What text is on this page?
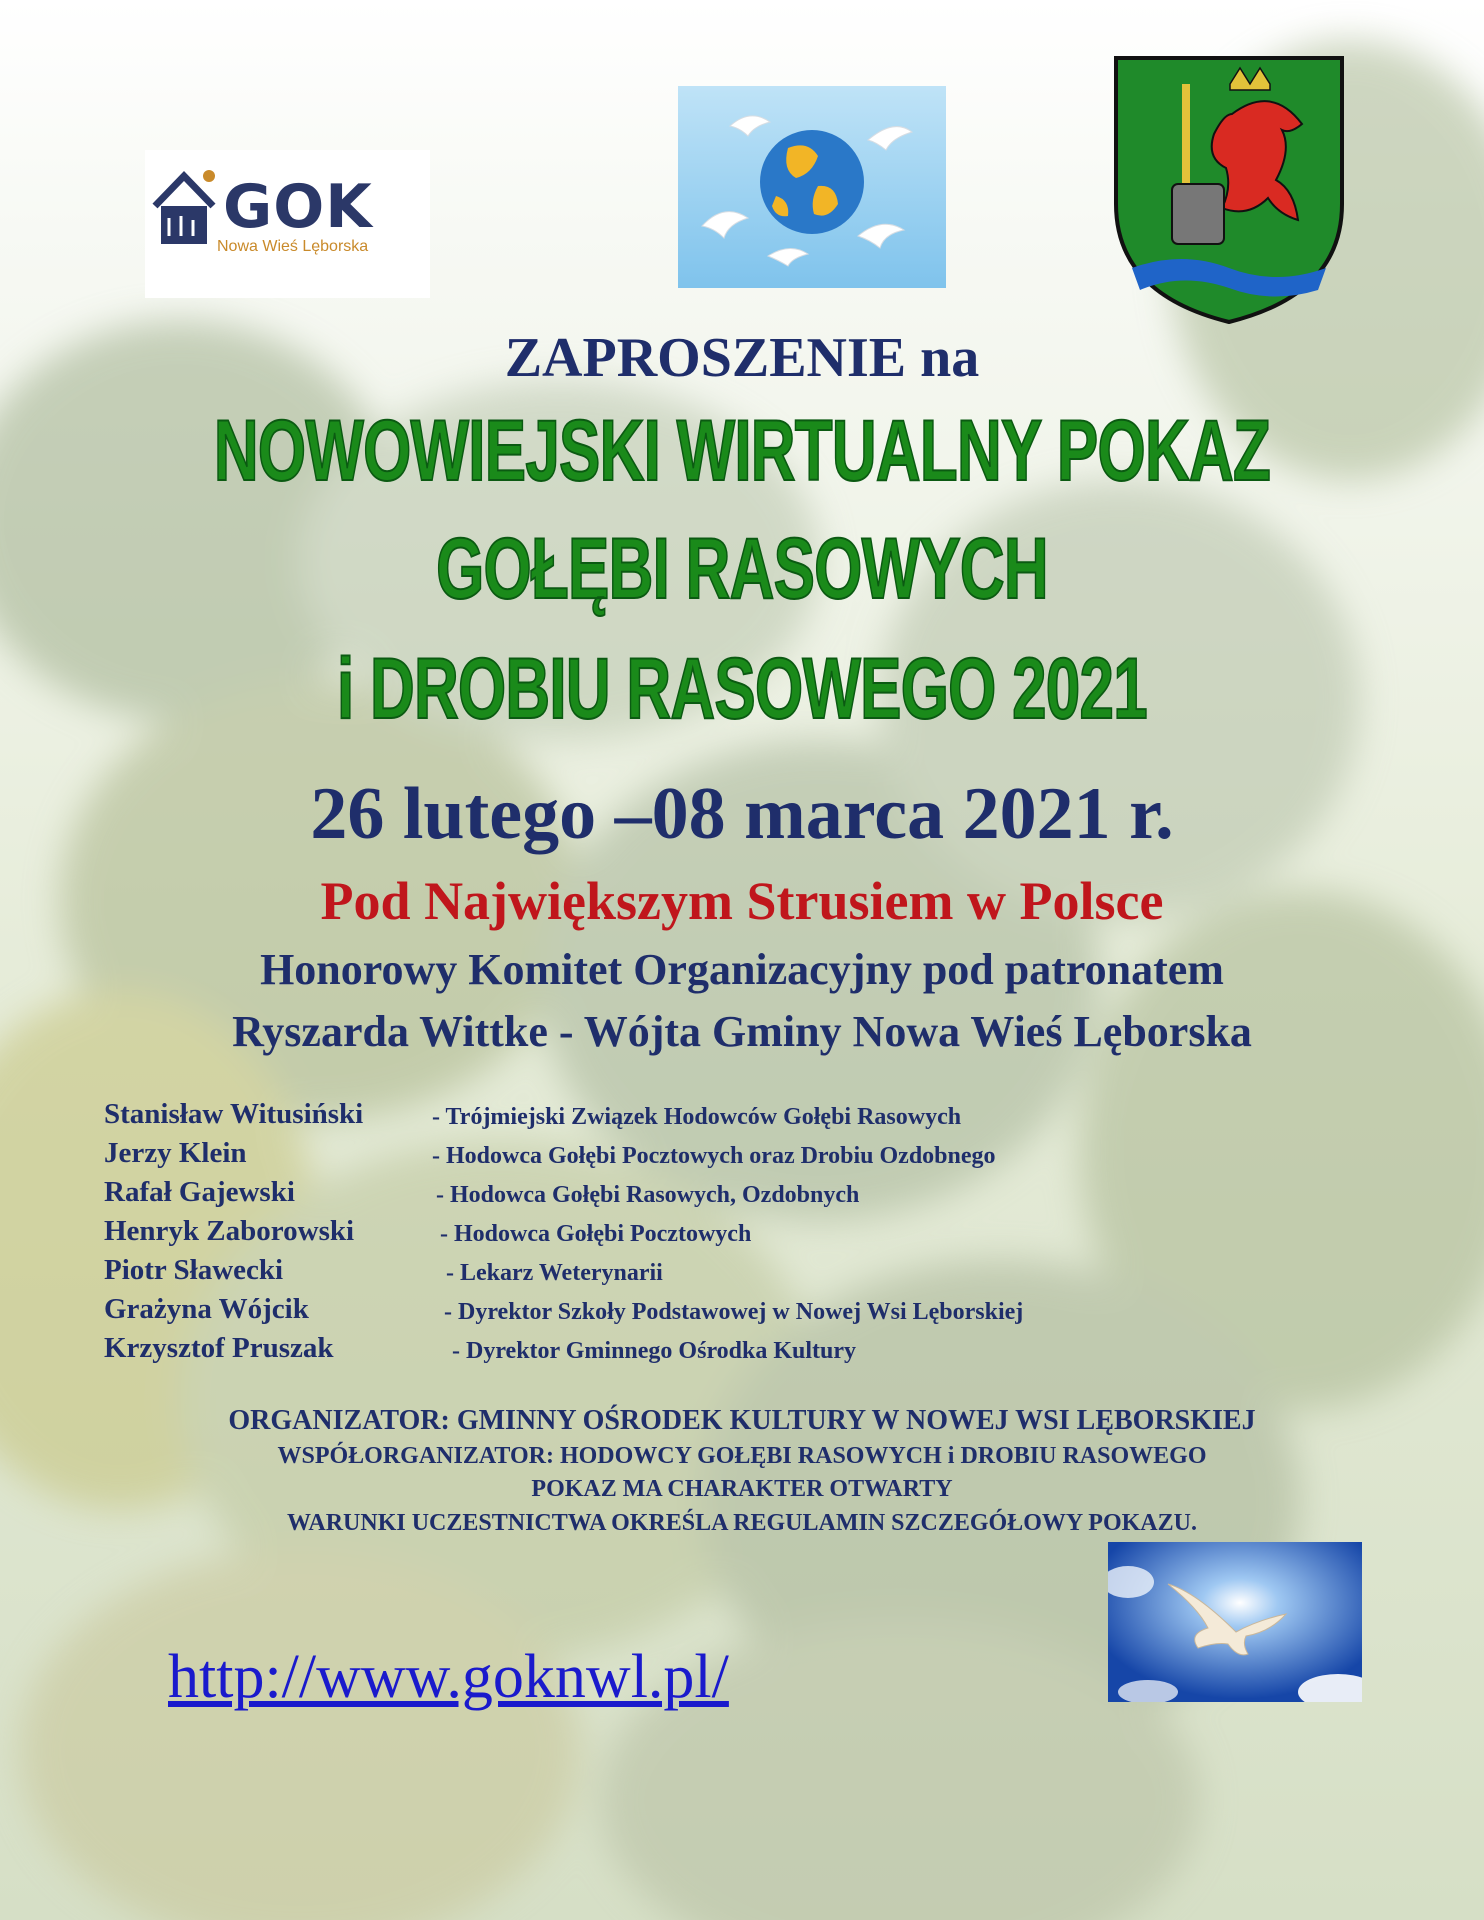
GOK
Nowa Wieś Lęborska
ZAPROSZENIE na
NOWOWIEJSKI WIRTUALNY POKAZ
GOŁĘBI RASOWYCH
i DROBIU RASOWEGO 2021
26 lutego –08 marca 2021 r.
Pod Największym Strusiem w Polsce
Honorowy Komitet Organizacyjny pod patronatem
Ryszarda Wittke - Wójta Gminy Nowa Wieś Lęborska
Stanisław Witusiński	- Trójmiejski Związek Hodowców Gołębi Rasowych
Jerzy Klein	- Hodowca Gołębi Pocztowych oraz Drobiu Ozdobnego
Rafał Gajewski	- Hodowca Gołębi Rasowych, Ozdobnych
Henryk Zaborowski	- Hodowca Gołębi Pocztowych
Piotr Sławecki	- Lekarz Weterynarii
Grażyna Wójcik	- Dyrektor Szkoły Podstawowej w Nowej Wsi Lęborskiej
Krzysztof Pruszak	- Dyrektor Gminnego Ośrodka Kultury
ORGANIZATOR: GMINNY OŚRODEK KULTURY W NOWEJ WSI LĘBORSKIEJ
WSPÓŁORGANIZATOR: HODOWCY GOŁĘBI RASOWYCH i DROBIU RASOWEGO
POKAZ MA CHARAKTER OTWARTY
WARUNKI UCZESTNICTWA OKREŚLA REGULAMIN SZCZEGÓŁOWY POKAZU.
http://www.goknwl.pl/
